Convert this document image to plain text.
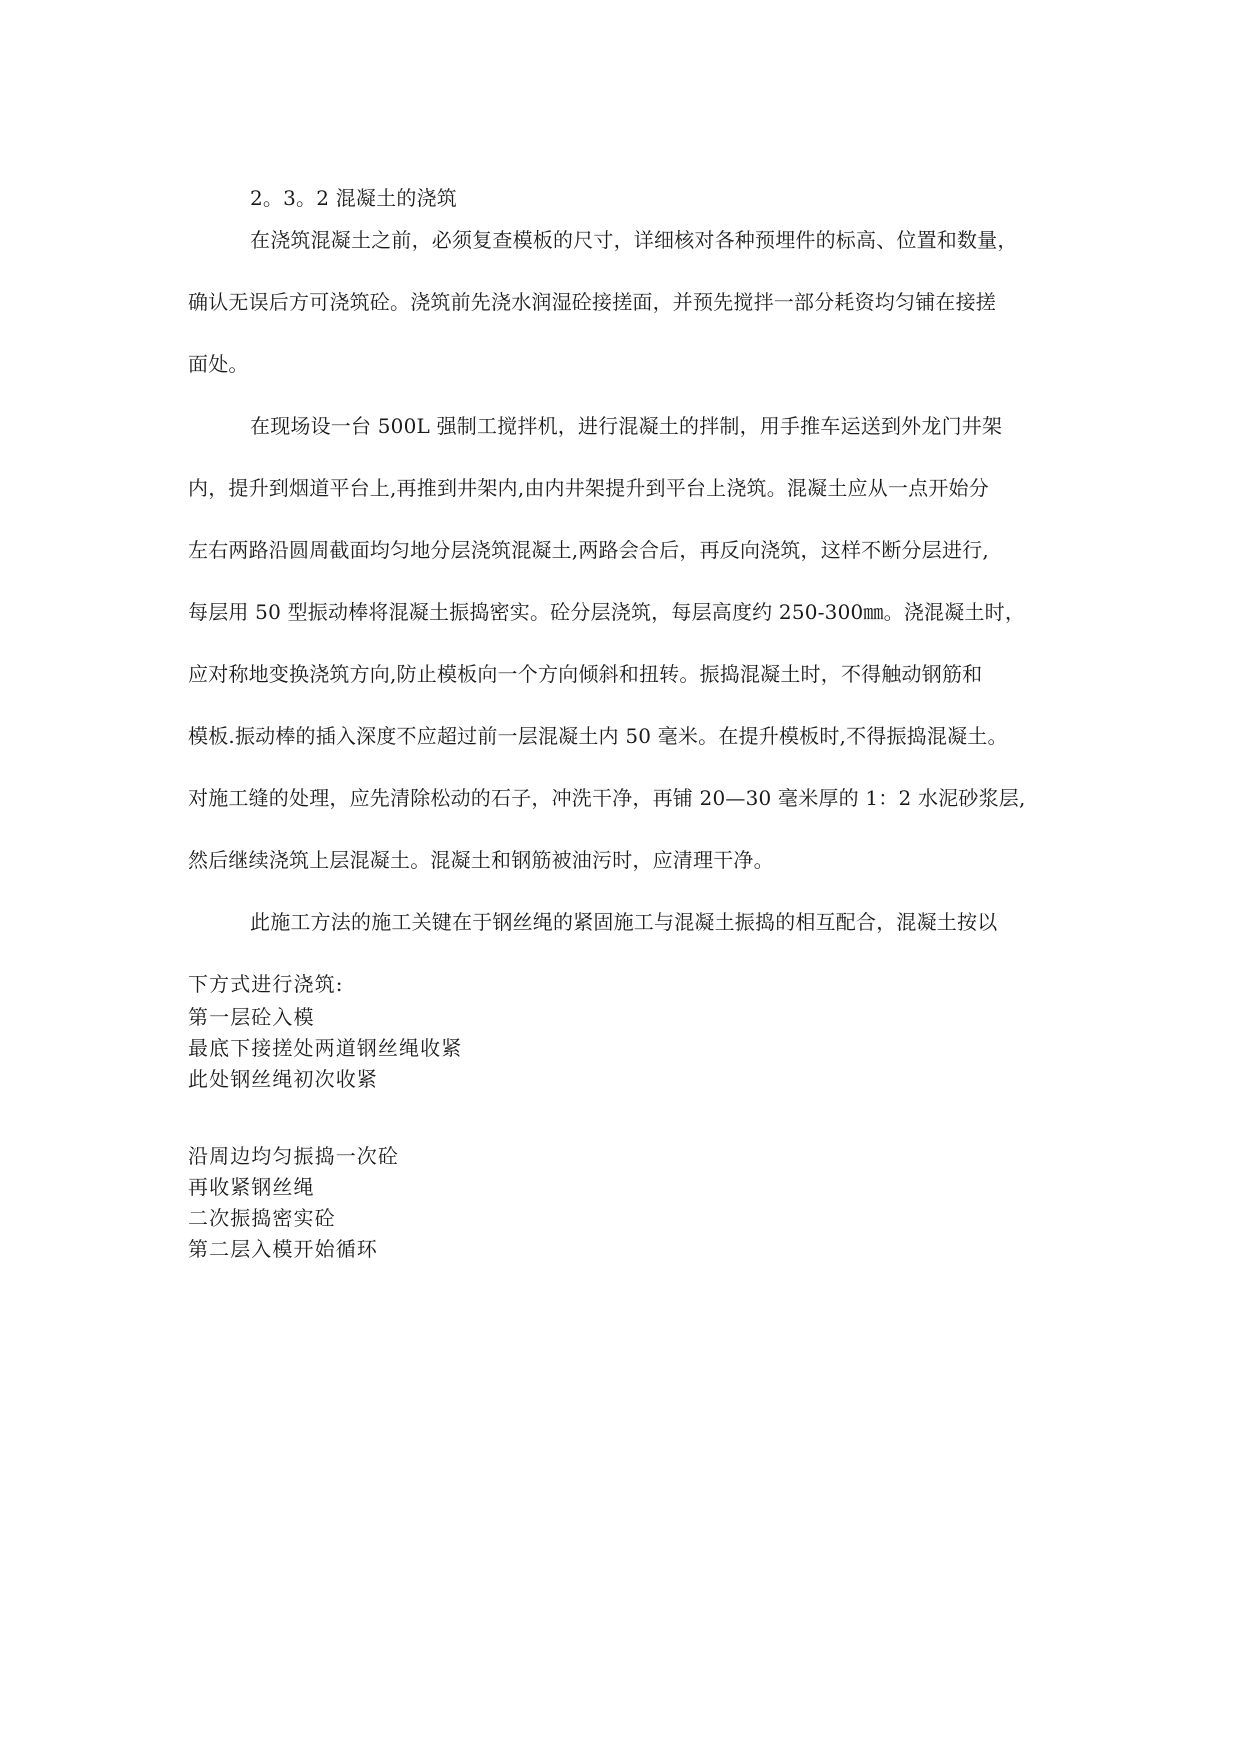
2。3。2 混凝土的浇筑
在浇筑混凝土之前，必须复查模板的尺寸，详细核对各种预埋件的标高、位置和数量，
确认无误后方可浇筑砼。浇筑前先浇水润湿砼接搓面，并预先搅拌一部分耗资均匀铺在接搓
面处。
在现场设一台 500L 强制工搅拌机，进行混凝土的拌制，用手推车运送到外龙门井架
内，提升到烟道平台上,再推到井架内,由内井架提升到平台上浇筑。混凝土应从一点开始分
左右两路沿圆周截面均匀地分层浇筑混凝土,两路会合后，再反向浇筑，这样不断分层进行,
每层用 50 型振动棒将混凝土振捣密实。砼分层浇筑，每层高度约 250-300㎜。浇混凝土时，
应对称地变换浇筑方向,防止模板向一个方向倾斜和扭转。振捣混凝土时，不得触动钢筋和
模板.振动棒的插入深度不应超过前一层混凝土内 50 毫米。在提升模板时,不得振捣混凝土。
对施工缝的处理，应先清除松动的石子，冲洗干净，再铺 20—30 毫米厚的 1：2 水泥砂浆层,
然后继续浇筑上层混凝土。混凝土和钢筋被油污时，应清理干净。
此施工方法的施工关键在于钢丝绳的紧固施工与混凝土振捣的相互配合，混凝土按以
下方式进行浇筑:
第一层砼入模
最底下接搓处两道钢丝绳收紧
此处钢丝绳初次收紧
沿周边均匀振捣一次砼
再收紧钢丝绳
二次振捣密实砼
第二层入模开始循环
